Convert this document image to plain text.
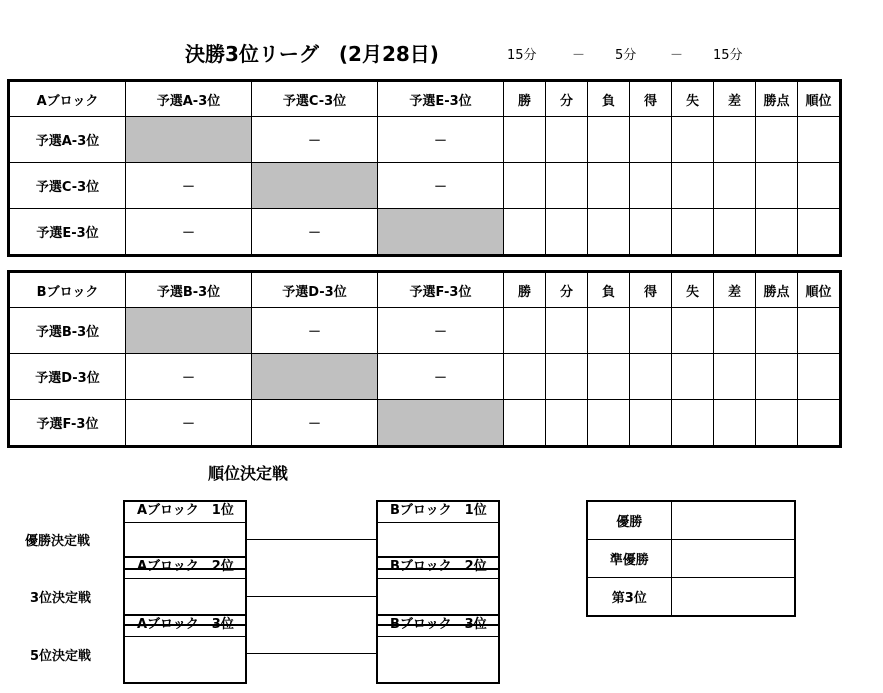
決勝3位リーグ　(2月28日)	15分	－ 5分	－ 15分
Aブロック	予選A-3位	予選C-3位	予選E-3位	勝	分	負	得	失	差	勝点	順位
予選A-3位		－	－								
予選C-3位	－		－								
予選E-3位	－	－									
Bブロック	予選B-3位	予選D-3位	予選F-3位	勝	分	負	得	失	差	勝点	順位
予選B-3位		－	－								
予選D-3位	－		－								
予選F-3位	－	－									
順位決定戦
優勝決定戦
3位決定戦
5位決定戦
Aブロック　1位
Aブロック　2位
Aブロック　3位
Bブロック　1位
Bブロック　2位
Bブロック　3位
優勝	
準優勝	
第3位	
